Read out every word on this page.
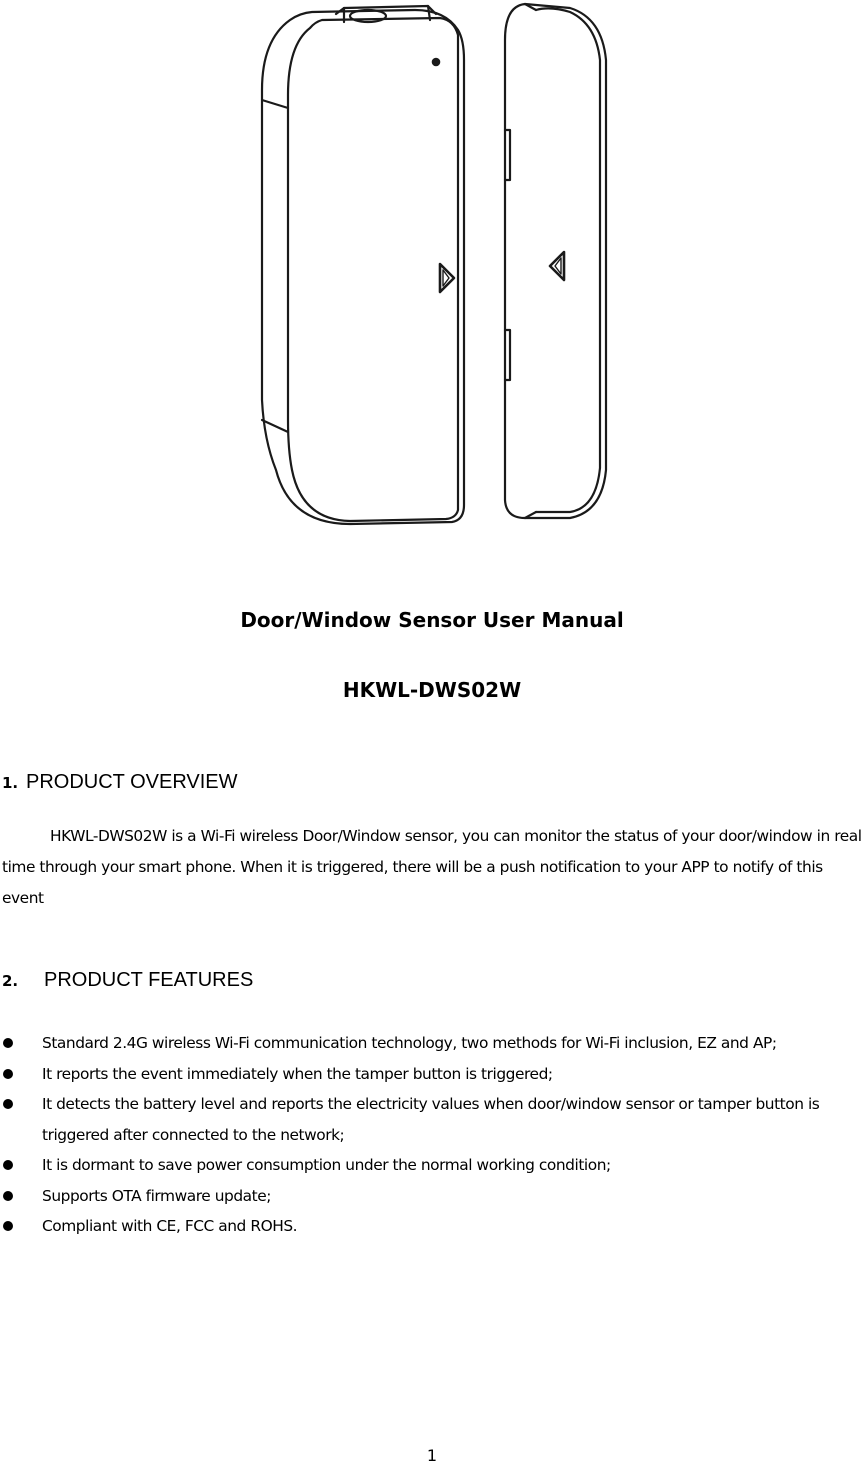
Door/Window Sensor User Manual
HKWL-DWS02W
1. PRODUCT OVERVIEW
HKWL-DWS02W is a Wi-Fi wireless Door/Window sensor, you can monitor the status of your door/window in real time through your smart phone. When it is triggered, there will be a push notification to your APP to notify of this event
2. PRODUCT FEATURES
Standard 2.4G wireless Wi-Fi communication technology, two methods for Wi-Fi inclusion, EZ and AP;
It reports the event immediately when the tamper button is triggered;
It detects the battery level and reports the electricity values when door/window sensor or tamper button is triggered after connected to the network;
It is dormant to save power consumption under the normal working condition;
Supports OTA firmware update;
Compliant with CE, FCC and ROHS.
1
